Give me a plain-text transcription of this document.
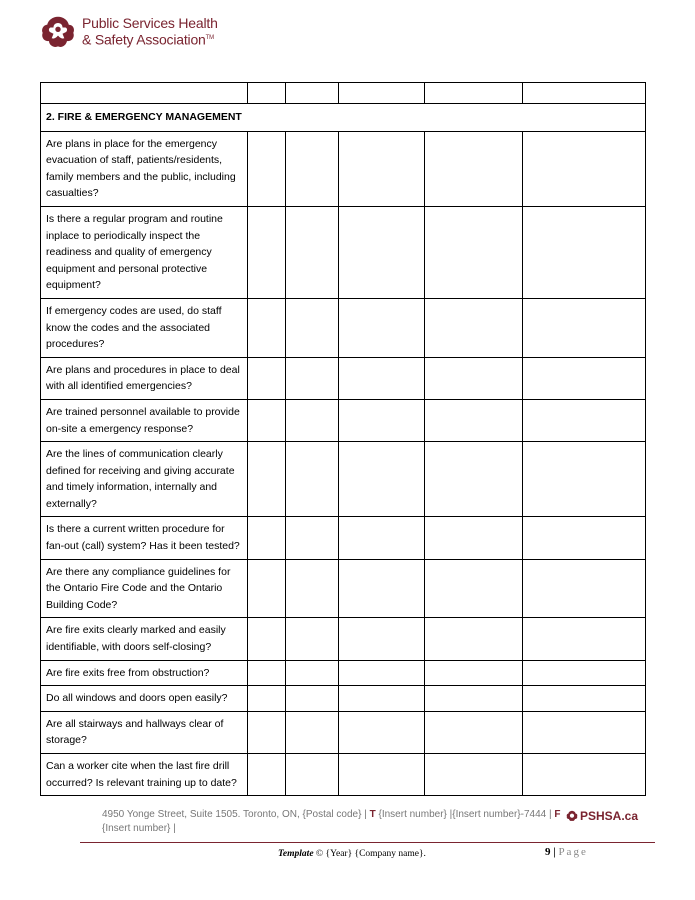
Public Services Health
& Safety Association™

2. FIRE & EMERGENCY MANAGEMENT					
Are plans in place for the emergency evacuation of staff, patients/residents, family members and the public, including casualties?					
Is there a regular program and routine inplace to periodically inspect the readiness and quality of emergency equipment and personal protective equipment?					
If emergency codes are used, do staff know the codes and the associated procedures?					
Are plans and procedures in place to deal with all identified emergencies?					
Are trained personnel available to provide on-site a emergency response?					
Are the lines of communication clearly defined for receiving and giving accurate and timely information, internally and externally?					
Is there a current written procedure for fan-out (call) system? Has it been tested?					
Are there any compliance guidelines for the Ontario Fire Code and the Ontario Building Code?					
Are fire exits clearly marked and easily identifiable, with doors self-closing?					
Are fire exits free from obstruction?					
Do all windows and doors open easily?					
Are all stairways and hallways clear of storage?					
Can a worker cite when the last fire drill occurred? Is relevant training up to date?					
4950 Yonge Street, Suite 1505. Toronto, ON, {Postal code} | T {Insert number} |{Insert number}-7444 | F {Insert number} |
PSHSA.ca
Template © {Year} {Company name}.	9 | Page
